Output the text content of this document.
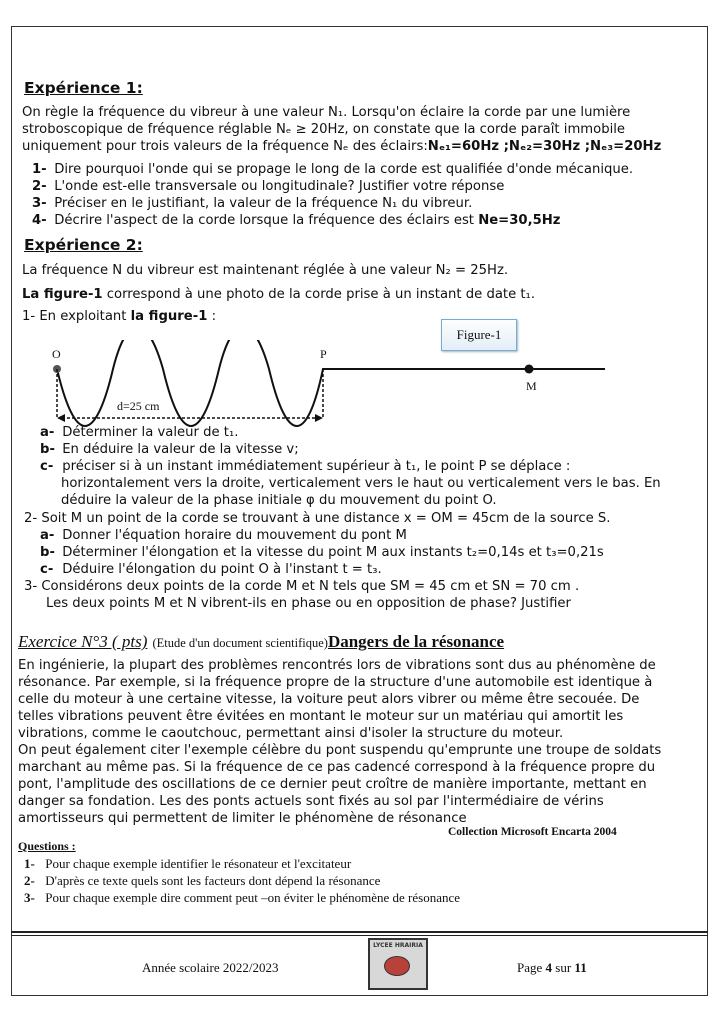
Expérience 1:
On règle la fréquence du vibreur à une valeur N₁. Lorsqu'on éclaire la corde par une lumière
stroboscopique de fréquence réglable Nₑ ≥ 20Hz, on constate que la corde paraît immobile
uniquement pour trois valeurs de la fréquence Nₑ des éclairs:Nₑ₁=60Hz ;Nₑ₂=30Hz ;Nₑ₃=20Hz
1- Dire pourquoi l'onde qui se propage le long de la corde est qualifiée d'onde mécanique.
2- L'onde est-elle transversale ou longitudinale? Justifier votre réponse
3- Préciser en le justifiant, la valeur de la fréquence N₁ du vibreur.
4- Décrire l'aspect de la corde lorsque la fréquence des éclairs est Ne=30,5Hz
Expérience 2:
La fréquence N du vibreur est maintenant réglée à une valeur N₂ = 25Hz.
La figure-1 correspond à une photo de la corde prise à un instant de date t₁.
1- En exploitant la figure-1 :
Figure-1
O	P
M
d=25 cm
a- Déterminer la valeur de t₁.
b- En déduire la valeur de la vitesse v;
c- préciser si à un instant immédiatement supérieur à t₁, le point P se déplace :
horizontalement vers la droite, verticalement vers le haut ou verticalement vers le bas. En
déduire la valeur de la phase initiale φ du mouvement du point O.
2- Soit M un point de la corde se trouvant à une distance x = OM = 45cm de la source S.
a- Donner l'équation horaire du mouvement du pont M
b- Déterminer l'élongation et la vitesse du point M aux instants t₂=0,14s et t₃=0,21s
c- Déduire l'élongation du point O à l'instant t = t₃.
3- Considérons deux points de la corde M et N tels que SM = 45 cm et SN = 70 cm .
Les deux points M et N vibrent-ils en phase ou en opposition de phase? Justifier
Exercice N°3 ( pts) (Etude d'un document scientifique)Dangers de la résonance
En ingénierie, la plupart des problèmes rencontrés lors de vibrations sont dus au phénomène de
résonance. Par exemple, si la fréquence propre de la structure d'une automobile est identique à
celle du moteur à une certaine vitesse, la voiture peut alors vibrer ou même être secouée. De
telles vibrations peuvent être évitées en montant le moteur sur un matériau qui amortit les
vibrations, comme le caoutchouc, permettant ainsi d'isoler la structure du moteur.
On peut également citer l'exemple célèbre du pont suspendu qu'emprunte une troupe de soldats
marchant au même pas. Si la fréquence de ce pas cadencé correspond à la fréquence propre du
pont, l'amplitude des oscillations de ce dernier peut croître de manière importante, mettant en
danger sa fondation. Les des ponts actuels sont fixés au sol par l'intermédiaire de vérins
amortisseurs qui permettent de limiter le phénomène de résonance
Collection Microsoft Encarta 2004
Questions :
1- Pour chaque exemple identifier le résonateur et l'excitateur
2- D'après ce texte quels sont les facteurs dont dépend la résonance
3- Pour chaque exemple dire comment peut –on éviter le phénomène de résonance
Année scolaire 2022/2023
LYCEE HRAIRIA
Page 4 sur 11
